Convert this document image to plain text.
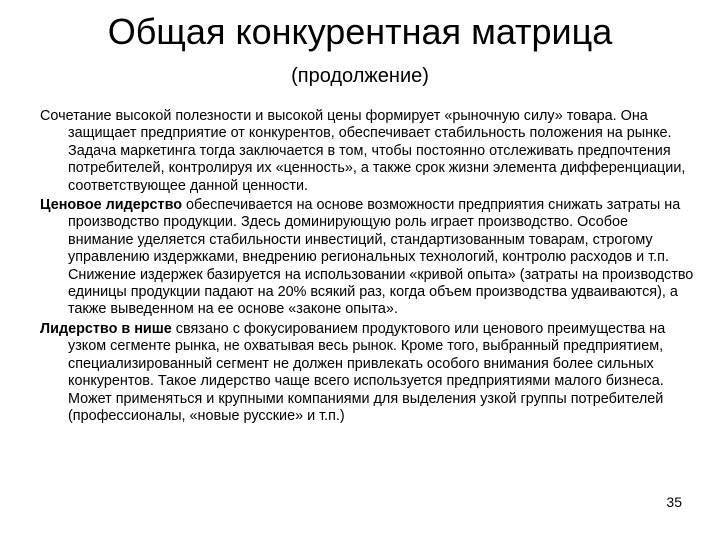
Общая конкурентная матрица
(продолжение)

Сочетание высокой полезности и высокой цены формирует «рыночную силу» товара. Она защищает предприятие от конкурентов, обеспечивает стабильность положения на рынке. Задача маркетинга тогда заключается в том, чтобы постоянно отслеживать предпочтения потребителей, контролируя их «ценность», а также срок жизни элемента дифференциации, соответствующее данной ценности.

Ценовое лидерство обеспечивается на основе возможности предприятия снижать затраты на производство продукции. Здесь доминирующую роль играет производство. Особое внимание уделяется стабильности инвестиций, стандартизованным товарам, строгому управлению издержками, внедрению региональных технологий, контролю расходов и т.п. Снижение издержек базируется на использовании «кривой опыта» (затраты на производство единицы продукции падают на 20% всякий раз, когда объем производства удваиваются), а также выведенном на ее основе «законе опыта».

Лидерство в нише связано с фокусированием продуктового или ценового преимущества на узком сегменте рынка, не охватывая весь рынок. Кроме того, выбранный предприятием, специализированный сегмент не должен привлекать особого внимания более сильных конкурентов. Такое лидерство чаще всего используется предприятиями малого бизнеса. Может применяться и крупными компаниями для выделения узкой группы потребителей (профессионалы, «новые русские» и т.п.)

35
